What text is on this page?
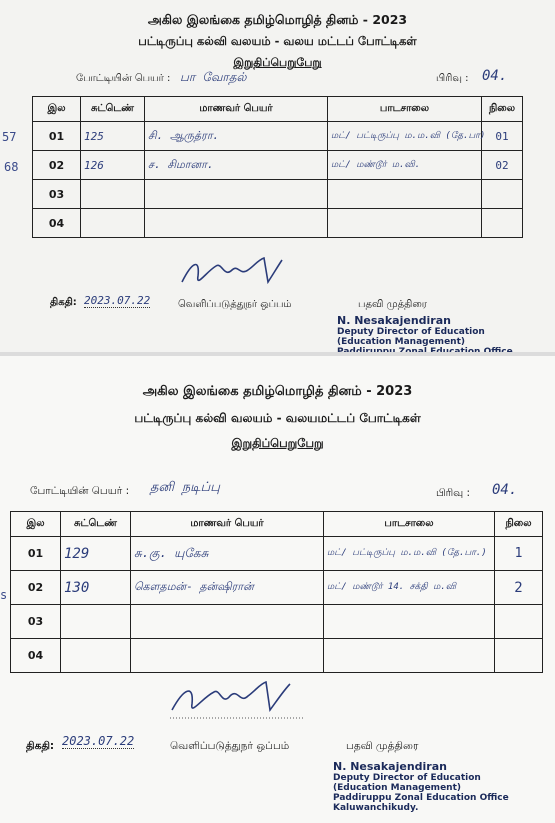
அகில இலங்கை தமிழ்மொழித் தினம் - 2023
பட்டிருப்பு கல்வி வலயம் - வலய மட்டப் போட்டிகள்
இறுதிப்பெறுபேறு
போட்டியின் பெயர் : பா வோதல்	பிரிவு : 04.
57
68
இல	சுட்டெண்	மாணவர் பெயர்	பாடசாலை	நிலை
01	125	சி. ஆருத்ரா.	மட்/ பட்டிருப்பு ம.ம.வி (தே.பா)	01
02	126	ச. சிமானா.	மட்/ மண்டூர் ம.வி.	02
03				
04				
திகதி: 2023.07.22	வெளிப்படுத்துநர் ஒப்பம்	பதவி முத்திரை
N. Nesakajendiran
Deputy Director of Education
(Education Management)
அகில இலங்கை தமிழ்மொழித் தினம் - 2023
பட்டிருப்பு கல்வி வலயம் - வலயமட்டப் போட்டிகள்
இறுதிப்பெறுபேறு
போட்டியின் பெயர் : தனி நடிப்பு	பிரிவு : 04.
s
இல	சுட்டெண்	மாணவர் பெயர்	பாடசாலை	நிலை
01	129	சு.கு. யுகேசு	மட்/ பட்டிருப்பு ம.ம.வி (தே.பா.)	1
02	130	கௌதமன்- தன்ஷிரான்	மட்/ மண்டூர் 14. சக்தி ம.வி	2
03				
04				
திகதி: 2023.07.22	வெளிப்படுத்துநர் ஒப்பம்	பதவி முத்திரை
N. Nesakajendiran
Deputy Director of Education
(Education Management)
Paddiruppu Zonal Education Office
Kaluwanchikudy.
